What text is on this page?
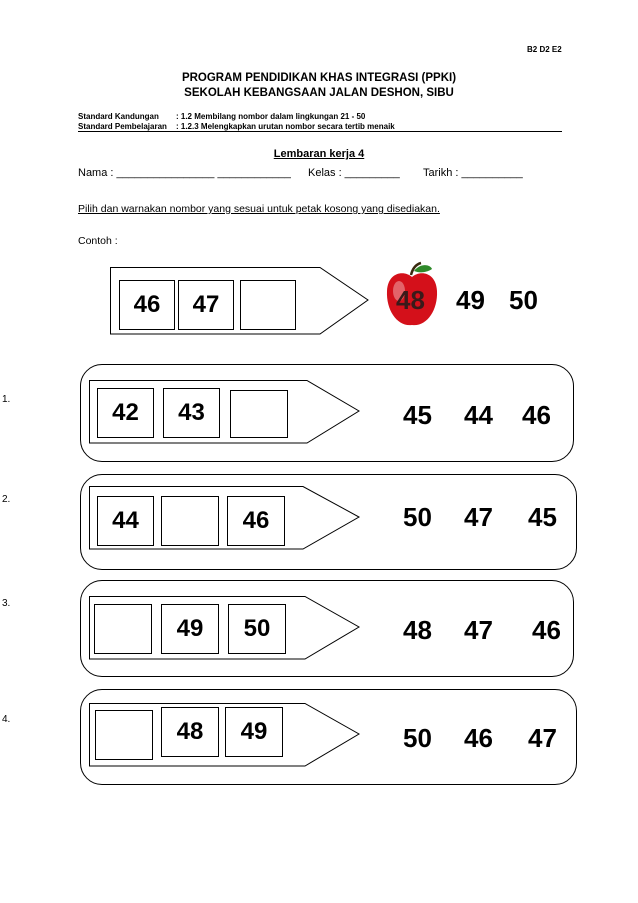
B2 D2 E2
PROGRAM PENDIDIKAN KHAS INTEGRASI (PPKI)
SEKOLAH KEBANGSAAN JALAN DESHON, SIBU
Standard Kandungan : 1.2 Membilang nombor dalam lingkungan 21 - 50
Standard Pembelajaran : 1.2.3 Melengkapkan urutan nombor secara tertib menaik
Lembaran kerja 4
Nama : ________________ ____________ Kelas : _________ Tarikh : __________
Pilih dan warnakan nombor yang sesuai untuk petak kosong yang disediakan.
Contoh :
46	47	48 49 50
1.	42	43	45 44 46
2.
44	46	50 47 45
3.
49	50	48 47 46
4.	48	49	50 46 47
